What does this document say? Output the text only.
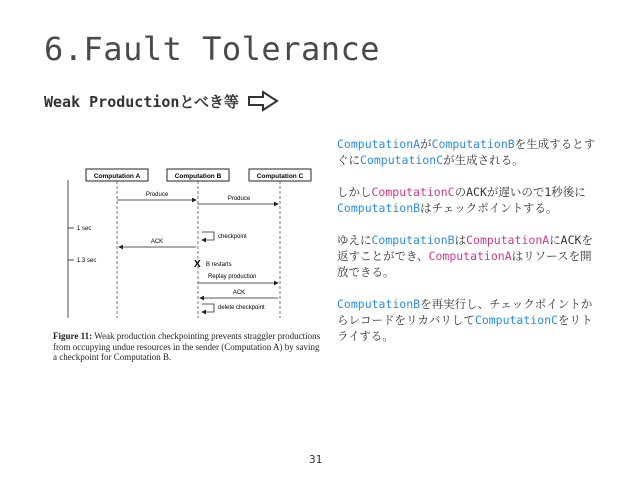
6.Fault Tolerance
Weak Productionとべき等
Computation A	Computation B	Computation C
1 sec
1.3 sec
Produce
Produce
checkpoint
ACK
X B restarts
Replay production
ACK
delete checkpoint
Figure 11: Weak production checkpointing prevents straggler productions from occupying undue resources in the sender (Computation A) by saving a checkpoint for Computation B.

ComputationAがComputationBを生成するとすぐにComputationCが生成される。

しかしComputationCのACKが遅いので1秒後にComputationBはチェックポイントする。

ゆえにComputationBはComputationAにACKを返すことができ、ComputationAはリソースを開放できる。

ComputationBを再実行し、チェックポイントからレコードをリカバリしてComputationCをリトライする。

31
